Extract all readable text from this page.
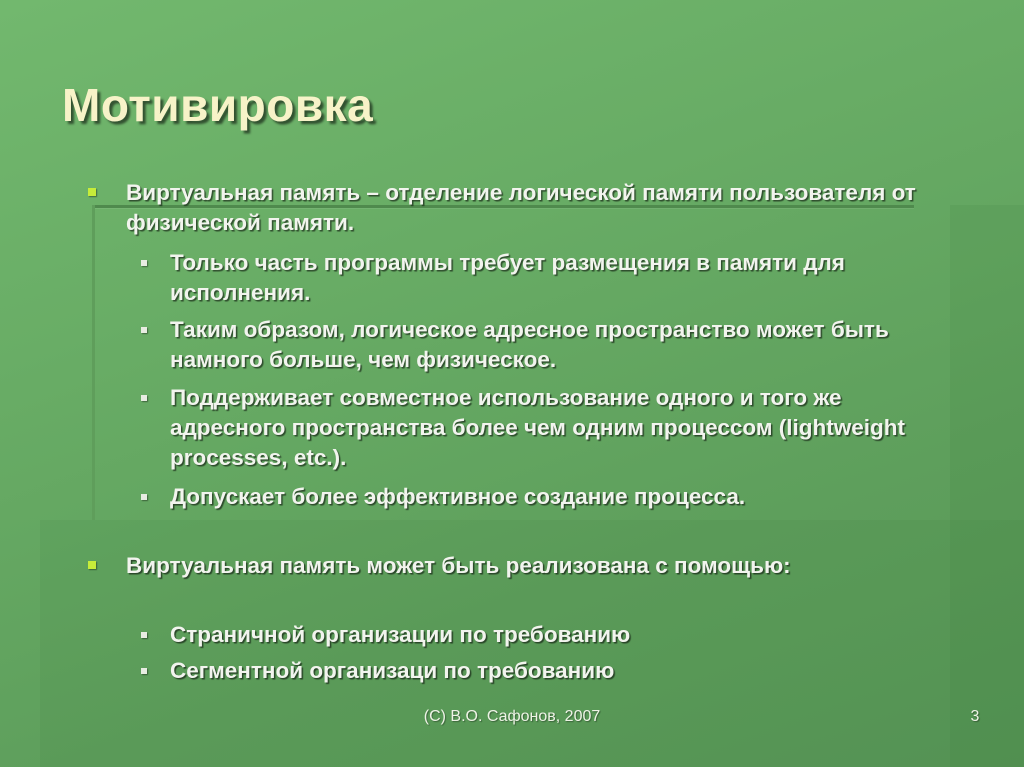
Мотивировка
Виртуальная память – отделение логической памяти пользователя от физической памяти.
Только часть программы требует размещения в памяти для исполнения.
Таким образом, логическое адресное пространство может быть намного больше, чем физическое.
Поддерживает совместное использование одного и того же адресного пространства более чем одним процессом (lightweight processes, etc.).
Допускает более эффективное создание процесса.
Виртуальная память может быть реализована с помощью:
Страничной организации по требованию
Сегментной организаци по требованию
(C) В.О. Сафонов, 2007	3
